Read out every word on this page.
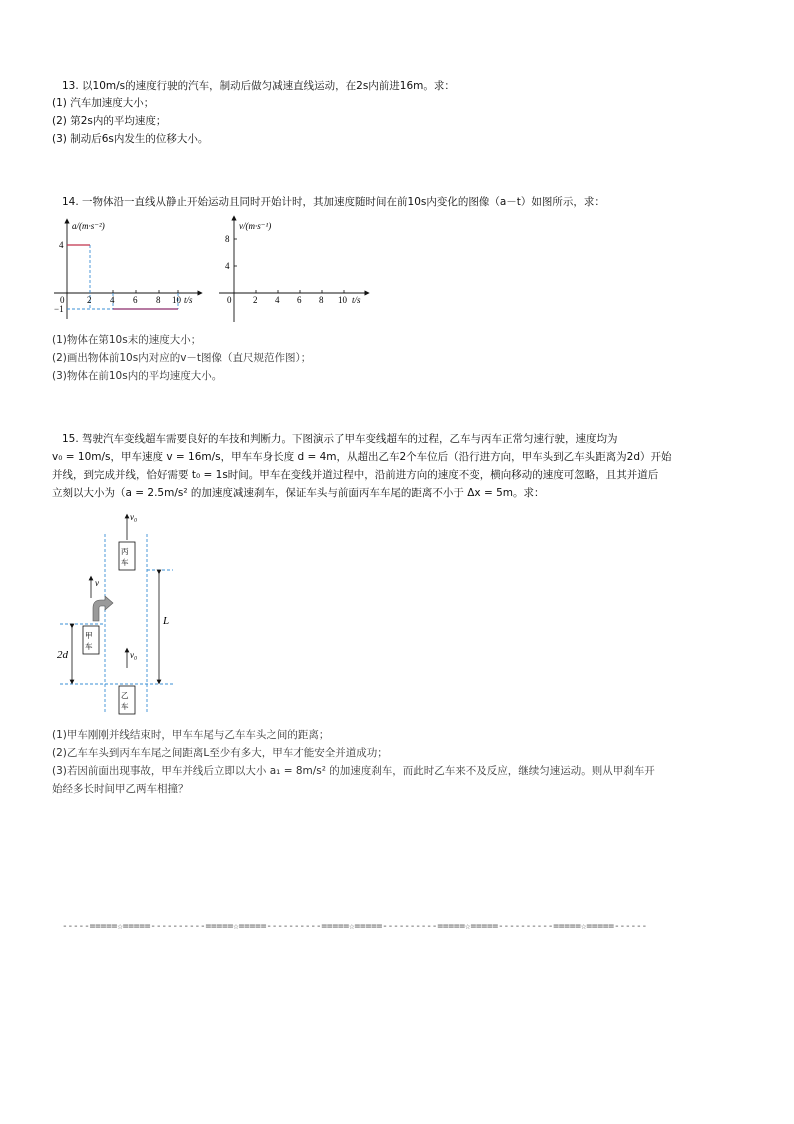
13. 以10m/s的速度行驶的汽车，制动后做匀减速直线运动，在2s内前进16m。求：
(1) 汽车加速度大小；
(2) 第2s内的平均速度；
(3) 制动后6s内发生的位移大小。
14. 一物体沿一直线从静止开始运动且同时开始计时，其加速度随时间在前10s内变化的图像（a－t）如图所示，求：
a/(m·s⁻²)
t/s
4
−1
0	2 4 6 8 10
v/(m·s⁻¹)
t/s
8
4
0 2 4 6 8 10
(1)物体在第10s末的速度大小；
(2)画出物体前10s内对应的v－t图像（直尺规范作图）；
(3)物体在前10s内的平均速度大小。
15. 驾驶汽车变线超车需要良好的车技和判断力。下图演示了甲车变线超车的过程，乙车与丙车正常匀速行驶，速度均为
v₀ = 10m/s，甲车速度 v = 16m/s，甲车车身长度 d = 4m，从超出乙车2个车位后（沿行进方向，甲车头到乙车头距离为2d）开始
并线，到完成并线，恰好需要 t₀ = 1s时间。甲车在变线并道过程中，沿前进方向的速度不变，横向移动的速度可忽略，且其并道后
立刻以大小为（a = 2.5m/s² 的加速度减速刹车，保证车头与前面丙车车尾的距离不小于 Δx = 5m。求：
2d
L
丙
车
v₀
甲
车
v
乙
车
v₀
(1)甲车刚刚并线结束时，甲车车尾与乙车车头之间的距离；
(2)乙车车头到丙车车尾之间距离L至少有多大，甲车才能安全并道成功；
(3)若因前面出现事故，甲车并线后立即以大小 a₁ = 8m/s² 的加速度刹车，而此时乙车来不及反应，继续匀速运动。则从甲刹车开
始经多长时间甲乙两车相撞？
-----=====☆=====----------=====☆=====----------=====☆=====----------=====☆=====----------=====☆=====------
